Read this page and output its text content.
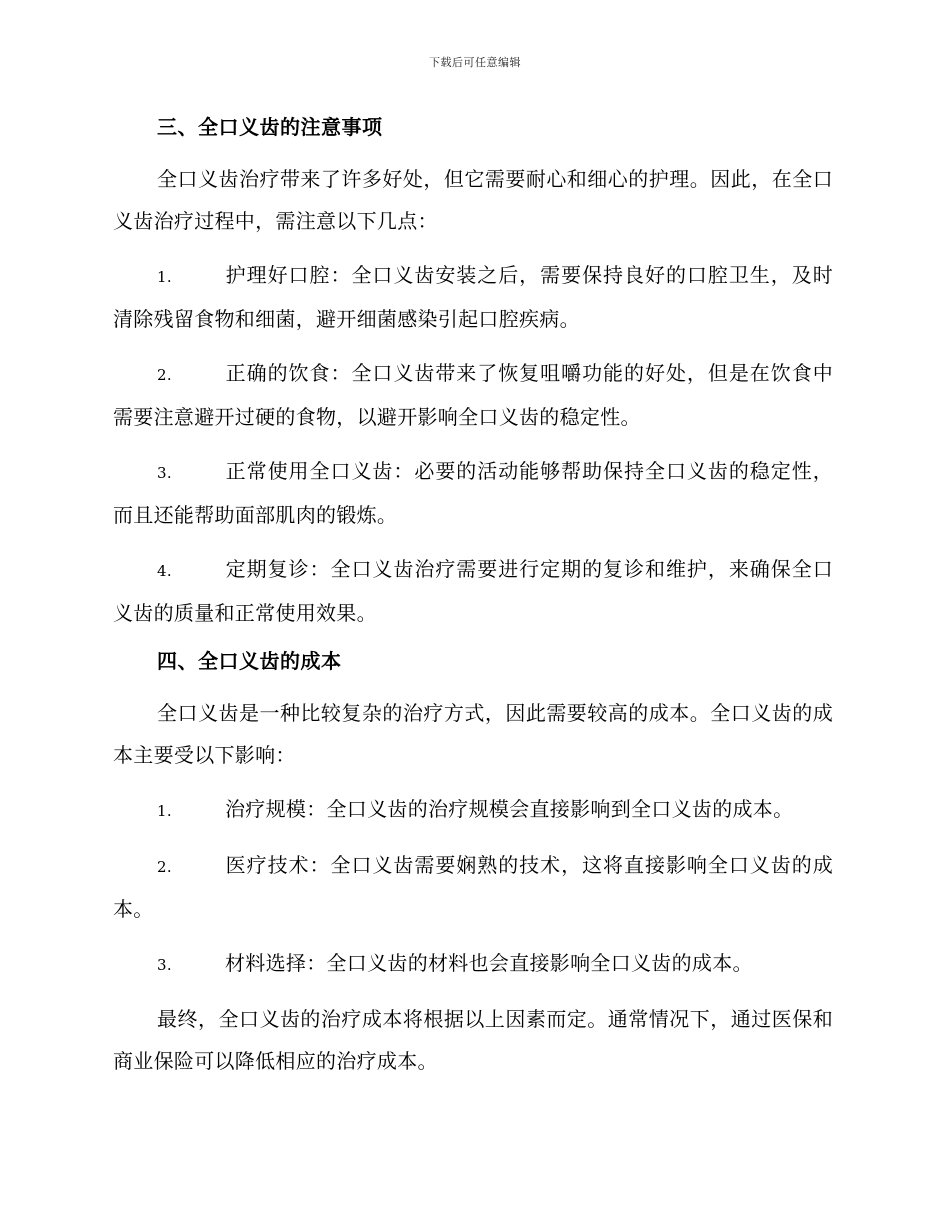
下载后可任意编辑
三、全口义齿的注意事项
全口义齿治疗带来了许多好处，但它需要耐心和细心的护理。因此，在全口义齿治疗过程中，需注意以下几点：
1.	护理好口腔：全口义齿安装之后，需要保持良好的口腔卫生，及时清除残留食物和细菌，避开细菌感染引起口腔疾病。
2.	正确的饮食：全口义齿带来了恢复咀嚼功能的好处，但是在饮食中需要注意避开过硬的食物，以避开影响全口义齿的稳定性。
3.	正常使用全口义齿：必要的活动能够帮助保持全口义齿的稳定性，而且还能帮助面部肌肉的锻炼。
4.	定期复诊：全口义齿治疗需要进行定期的复诊和维护，来确保全口义齿的质量和正常使用效果。
四、全口义齿的成本
全口义齿是一种比较复杂的治疗方式，因此需要较高的成本。全口义齿的成本主要受以下影响：
1.	治疗规模：全口义齿的治疗规模会直接影响到全口义齿的成本。
2.	医疗技术：全口义齿需要娴熟的技术，这将直接影响全口义齿的成本。
3.	材料选择：全口义齿的材料也会直接影响全口义齿的成本。
最终，全口义齿的治疗成本将根据以上因素而定。通常情况下，通过医保和商业保险可以降低相应的治疗成本。
